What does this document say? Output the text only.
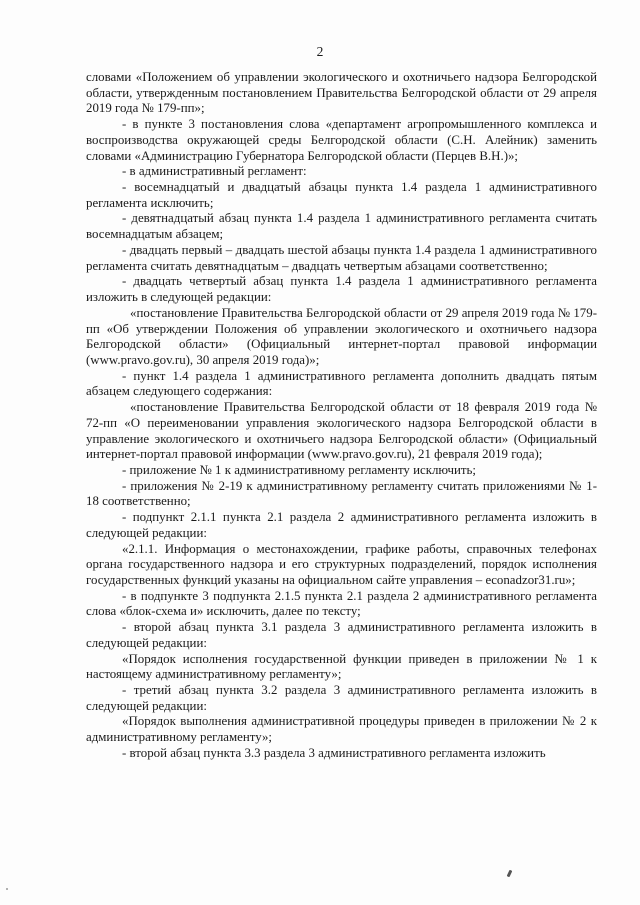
2

словами «Положением об управлении экологического и охотничьего надзора Белгородской области, утвержденным постановлением Правительства Белгородской области от 29 апреля 2019 года № 179-пп»;

- в пункте 3 постановления слова «департамент агропромышленного комплекса и воспроизводства окружающей среды Белгородской области (С.Н. Алейник) заменить словами «Администрацию Губернатора Белгородской области (Перцев В.Н.)»;

- в административный регламент:

- восемнадцатый и двадцатый абзацы пункта 1.4 раздела 1 административного регламента исключить;

- девятнадцатый абзац пункта 1.4 раздела 1 административного регламента считать восемнадцатым абзацем;

- двадцать первый – двадцать шестой абзацы пункта 1.4 раздела 1 административного регламента считать девятнадцатым – двадцать четвертым абзацами соответственно;

- двадцать четвертый абзац пункта 1.4 раздела 1 административного регламента изложить в следующей редакции:

«постановление Правительства Белгородской области от 29 апреля 2019 года № 179-пп «Об утверждении Положения об управлении экологического и охотничьего надзора Белгородской области» (Официальный интернет-портал правовой информации (www.pravo.gov.ru), 30 апреля 2019 года)»;

- пункт 1.4 раздела 1 административного регламента дополнить двадцать пятым абзацем следующего содержания:

«постановление Правительства Белгородской области от 18 февраля 2019 года № 72-пп «О переименовании управления экологического надзора Белгородской области в управление экологического и охотничьего надзора Белгородской области» (Официальный интернет-портал правовой информации (www.pravo.gov.ru), 21 февраля 2019 года);

- приложение № 1 к административному регламенту исключить;

- приложения № 2-19 к административному регламенту считать приложениями № 1-18 соответственно;

- подпункт 2.1.1 пункта 2.1 раздела 2 административного регламента изложить в следующей редакции:

«2.1.1. Информация о местонахождении, графике работы, справочных телефонах органа государственного надзора и его структурных подразделений, порядок исполнения государственных функций указаны на официальном сайте управления – econadzor31.ru»;

- в подпункте 3 подпункта 2.1.5 пункта 2.1 раздела 2 административного регламента слова «блок-схема и» исключить, далее по тексту;

- второй абзац пункта 3.1 раздела 3 административного регламента изложить в следующей редакции:

«Порядок исполнения государственной функции приведен в приложении № 1 к настоящему административному регламенту»;

- третий абзац пункта 3.2 раздела 3 административного регламента изложить в следующей редакции:

«Порядок выполнения административной процедуры приведен в приложении № 2 к административному регламенту»;

- второй абзац пункта 3.3 раздела 3 административного регламента изложить
